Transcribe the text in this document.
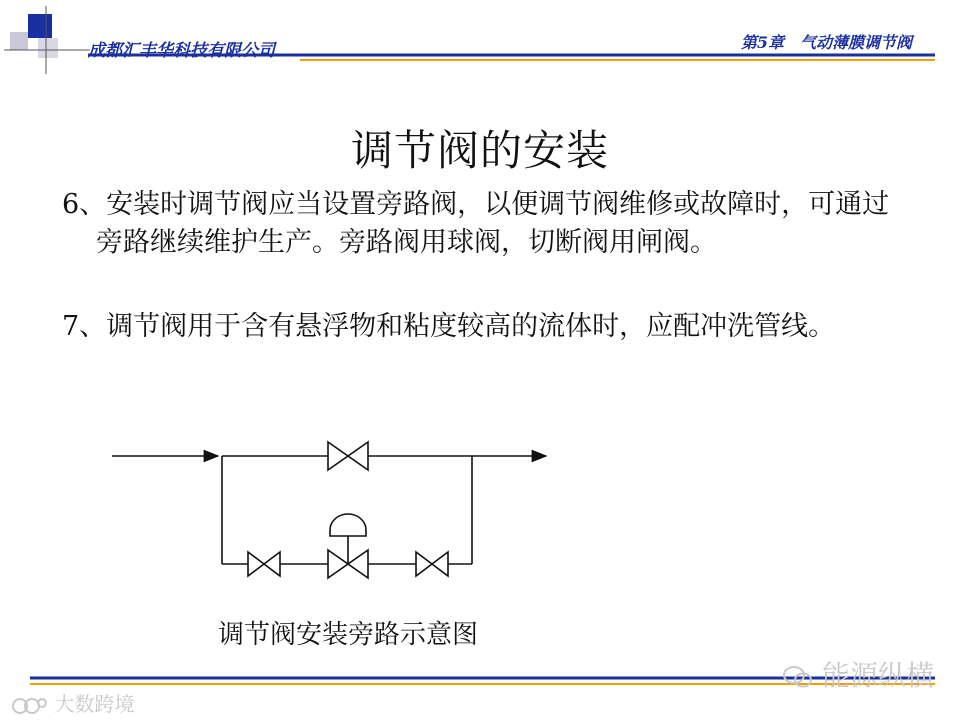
成都汇丰华科技有限公司	第5章　气动薄膜调节阀
调节阀的安装
6、安装时调节阀应当设置旁路阀，以便调节阀维修或故障时，可通过旁路继续维护生产。旁路阀用球阀，切断阀用闸阀。
7、调节阀用于含有悬浮物和粘度较高的流体时，应配冲洗管线。
调节阀安装旁路示意图
能源纵横
大数跨境
